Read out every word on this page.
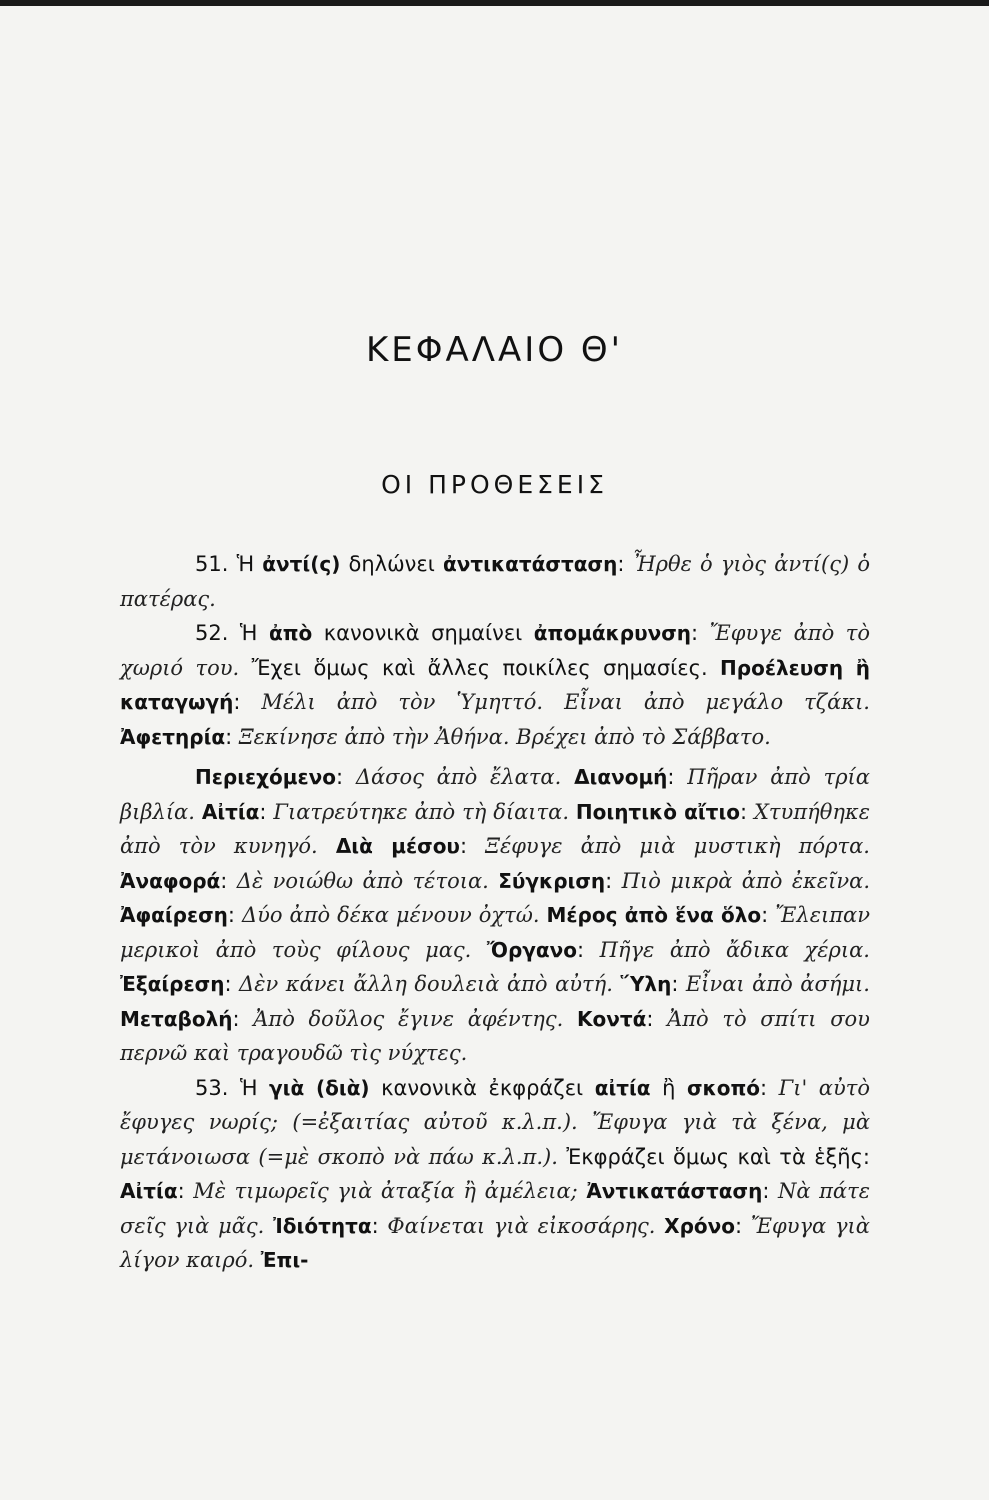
ΚΕΦΑΛΑΙΟ Θ'
ΟΙ ΠΡΟΘΕΣΕΙΣ

51. Ἡ ἀντί(ς) δηλώνει ἀντικατάσταση: Ἦρθε ὁ γιὸς ἀντί(ς) ὁ πατέρας.

52. Ἡ ἀπὸ κανονικὰ σημαίνει ἀπομάκρυνση: Ἔφυγε ἀπὸ τὸ χωριό του. Ἔχει ὅμως καὶ ἄλλες ποικίλες σημασίες. Προέλευση ἢ καταγωγή: Μέλι ἀπὸ τὸν Ὑμηττό. Εἶναι ἀπὸ μεγάλο τζάκι. Ἀφετηρία: Ξεκίνησε ἀπὸ τὴν Ἀθήνα. Βρέχει ἀπὸ τὸ Σάββατο.

Περιεχόμενο: Δάσος ἀπὸ ἔλατα. Διανομή: Πῆραν ἀπὸ τρία βιβλία. Αἰτία: Γιατρεύτηκε ἀπὸ τὴ δίαιτα. Ποιητικὸ αἴτιο: Χτυπήθηκε ἀπὸ τὸν κυνηγό. Διὰ μέσου: Ξέφυγε ἀπὸ μιὰ μυστικὴ πόρτα. Ἀναφορά: Δὲ νοιώθω ἀπὸ τέτοια. Σύγκριση: Πιὸ μικρὰ ἀπὸ ἐκεῖνα. Ἀφαίρεση: Δύο ἀπὸ δέκα μένουν ὀχτώ. Μέρος ἀπὸ ἕνα ὅλο: Ἔλειπαν μερικοὶ ἀπὸ τοὺς φίλους μας. Ὄργανο: Πῆγε ἀπὸ ἄδικα χέρια. Ἐξαίρεση: Δὲν κάνει ἄλλη δουλειὰ ἀπὸ αὐτή. Ὕλη: Εἶναι ἀπὸ ἀσήμι. Μεταβολή: Ἀπὸ δοῦλος ἔγινε ἀφέντης. Κοντά: Ἀπὸ τὸ σπίτι σου περνῶ καὶ τραγουδῶ τὶς νύχτες.

53. Ἡ γιὰ (διὰ) κανονικὰ ἐκφράζει αἰτία ἢ σκοπό: Γι' αὐτὸ ἔφυγες νωρίς; (=ἐξαιτίας αὐτοῦ κ.λ.π.). Ἔφυγα γιὰ τὰ ξένα, μὰ μετάνοιωσα (=μὲ σκοπὸ νὰ πάω κ.λ.π.). Ἐκφράζει ὅμως καὶ τὰ ἑξῆς: Αἰτία: Μὲ τιμωρεῖς γιὰ ἀταξία ἢ ἀμέλεια; Ἀντικατάσταση: Νὰ πάτε σεῖς γιὰ μᾶς. Ἰδιότητα: Φαίνεται γιὰ εἰκοσάρης. Χρόνο: Ἔφυγα γιὰ λίγον καιρό. Ἐπι-
